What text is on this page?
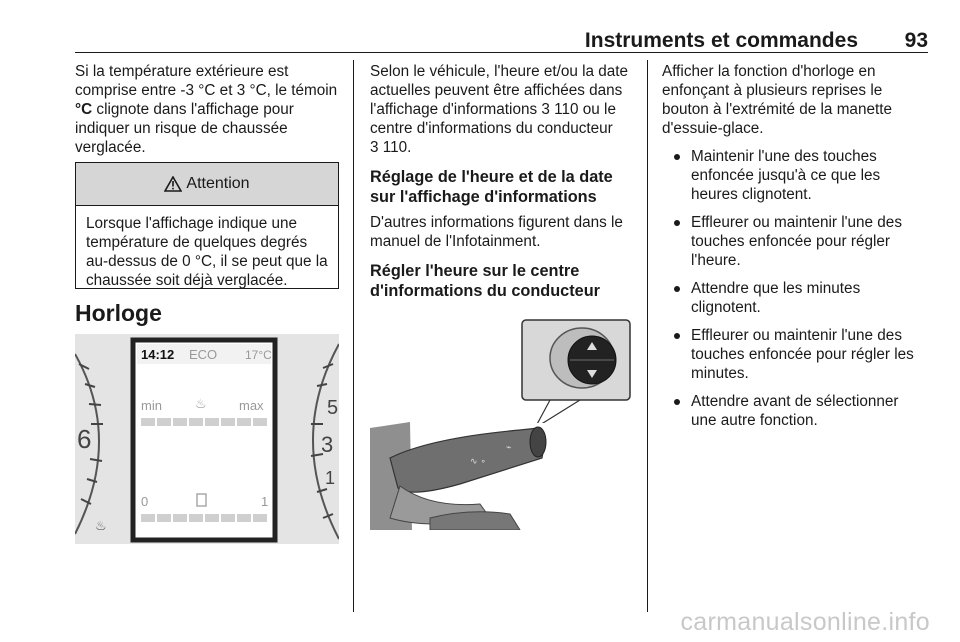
Instruments et commandes 93

Si la température extérieure est comprise entre -3 °C et 3 °C, le témoin °C clignote dans l'affichage pour indiquer un risque de chaussée verglacée.

Attention
Lorsque l'affichage indique une température de quelques degrés au-dessus de 0 °C, il se peut que la chaussée soit déjà verglacée.
Horloge
6
♨
5
3
1
14:12 ECO 17°C
min	max
♨
0	1

Selon le véhicule, l'heure et/ou la date actuelles peuvent être affichées dans l'affichage d'informations 3 110 ou le centre d'informations du conducteur 3 110.

Réglage de l'heure et de la date sur l'affichage d'informations

D'autres informations figurent dans le manuel de l'Infotainment.

Régler l'heure sur le centre d'informations du conducteur

∿ ∘
⌁

Afficher la fonction d'horloge en enfonçant à plusieurs reprises le bouton à l'extrémité de la manette d'essuie-glace.

Maintenir l'une des touches enfoncée jusqu'à ce que les heures clignotent.
Effleurer ou maintenir l'une des touches enfoncée pour régler l'heure.
Attendre que les minutes clignotent.
Effleurer ou maintenir l'une des touches enfoncée pour régler les minutes.
Attendre avant de sélectionner une autre fonction.
carmanualsonline.info
